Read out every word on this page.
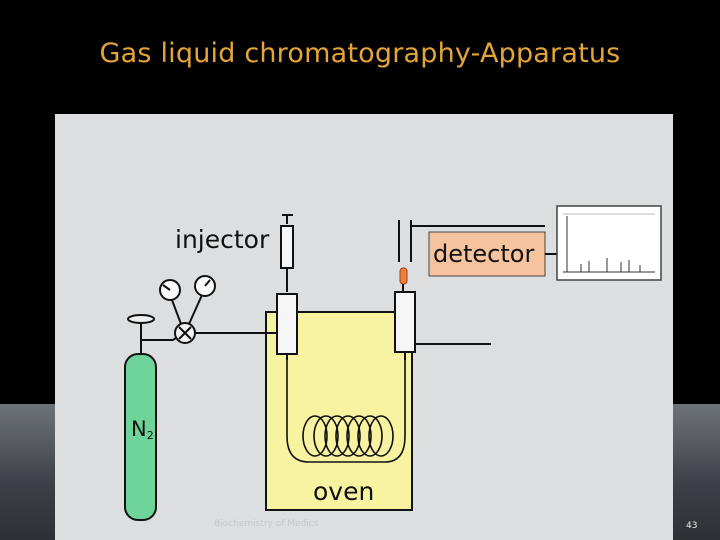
Gas liquid chromatography-Apparatus
N2
injector	detector
oven
Biochemistry of Medics	43
